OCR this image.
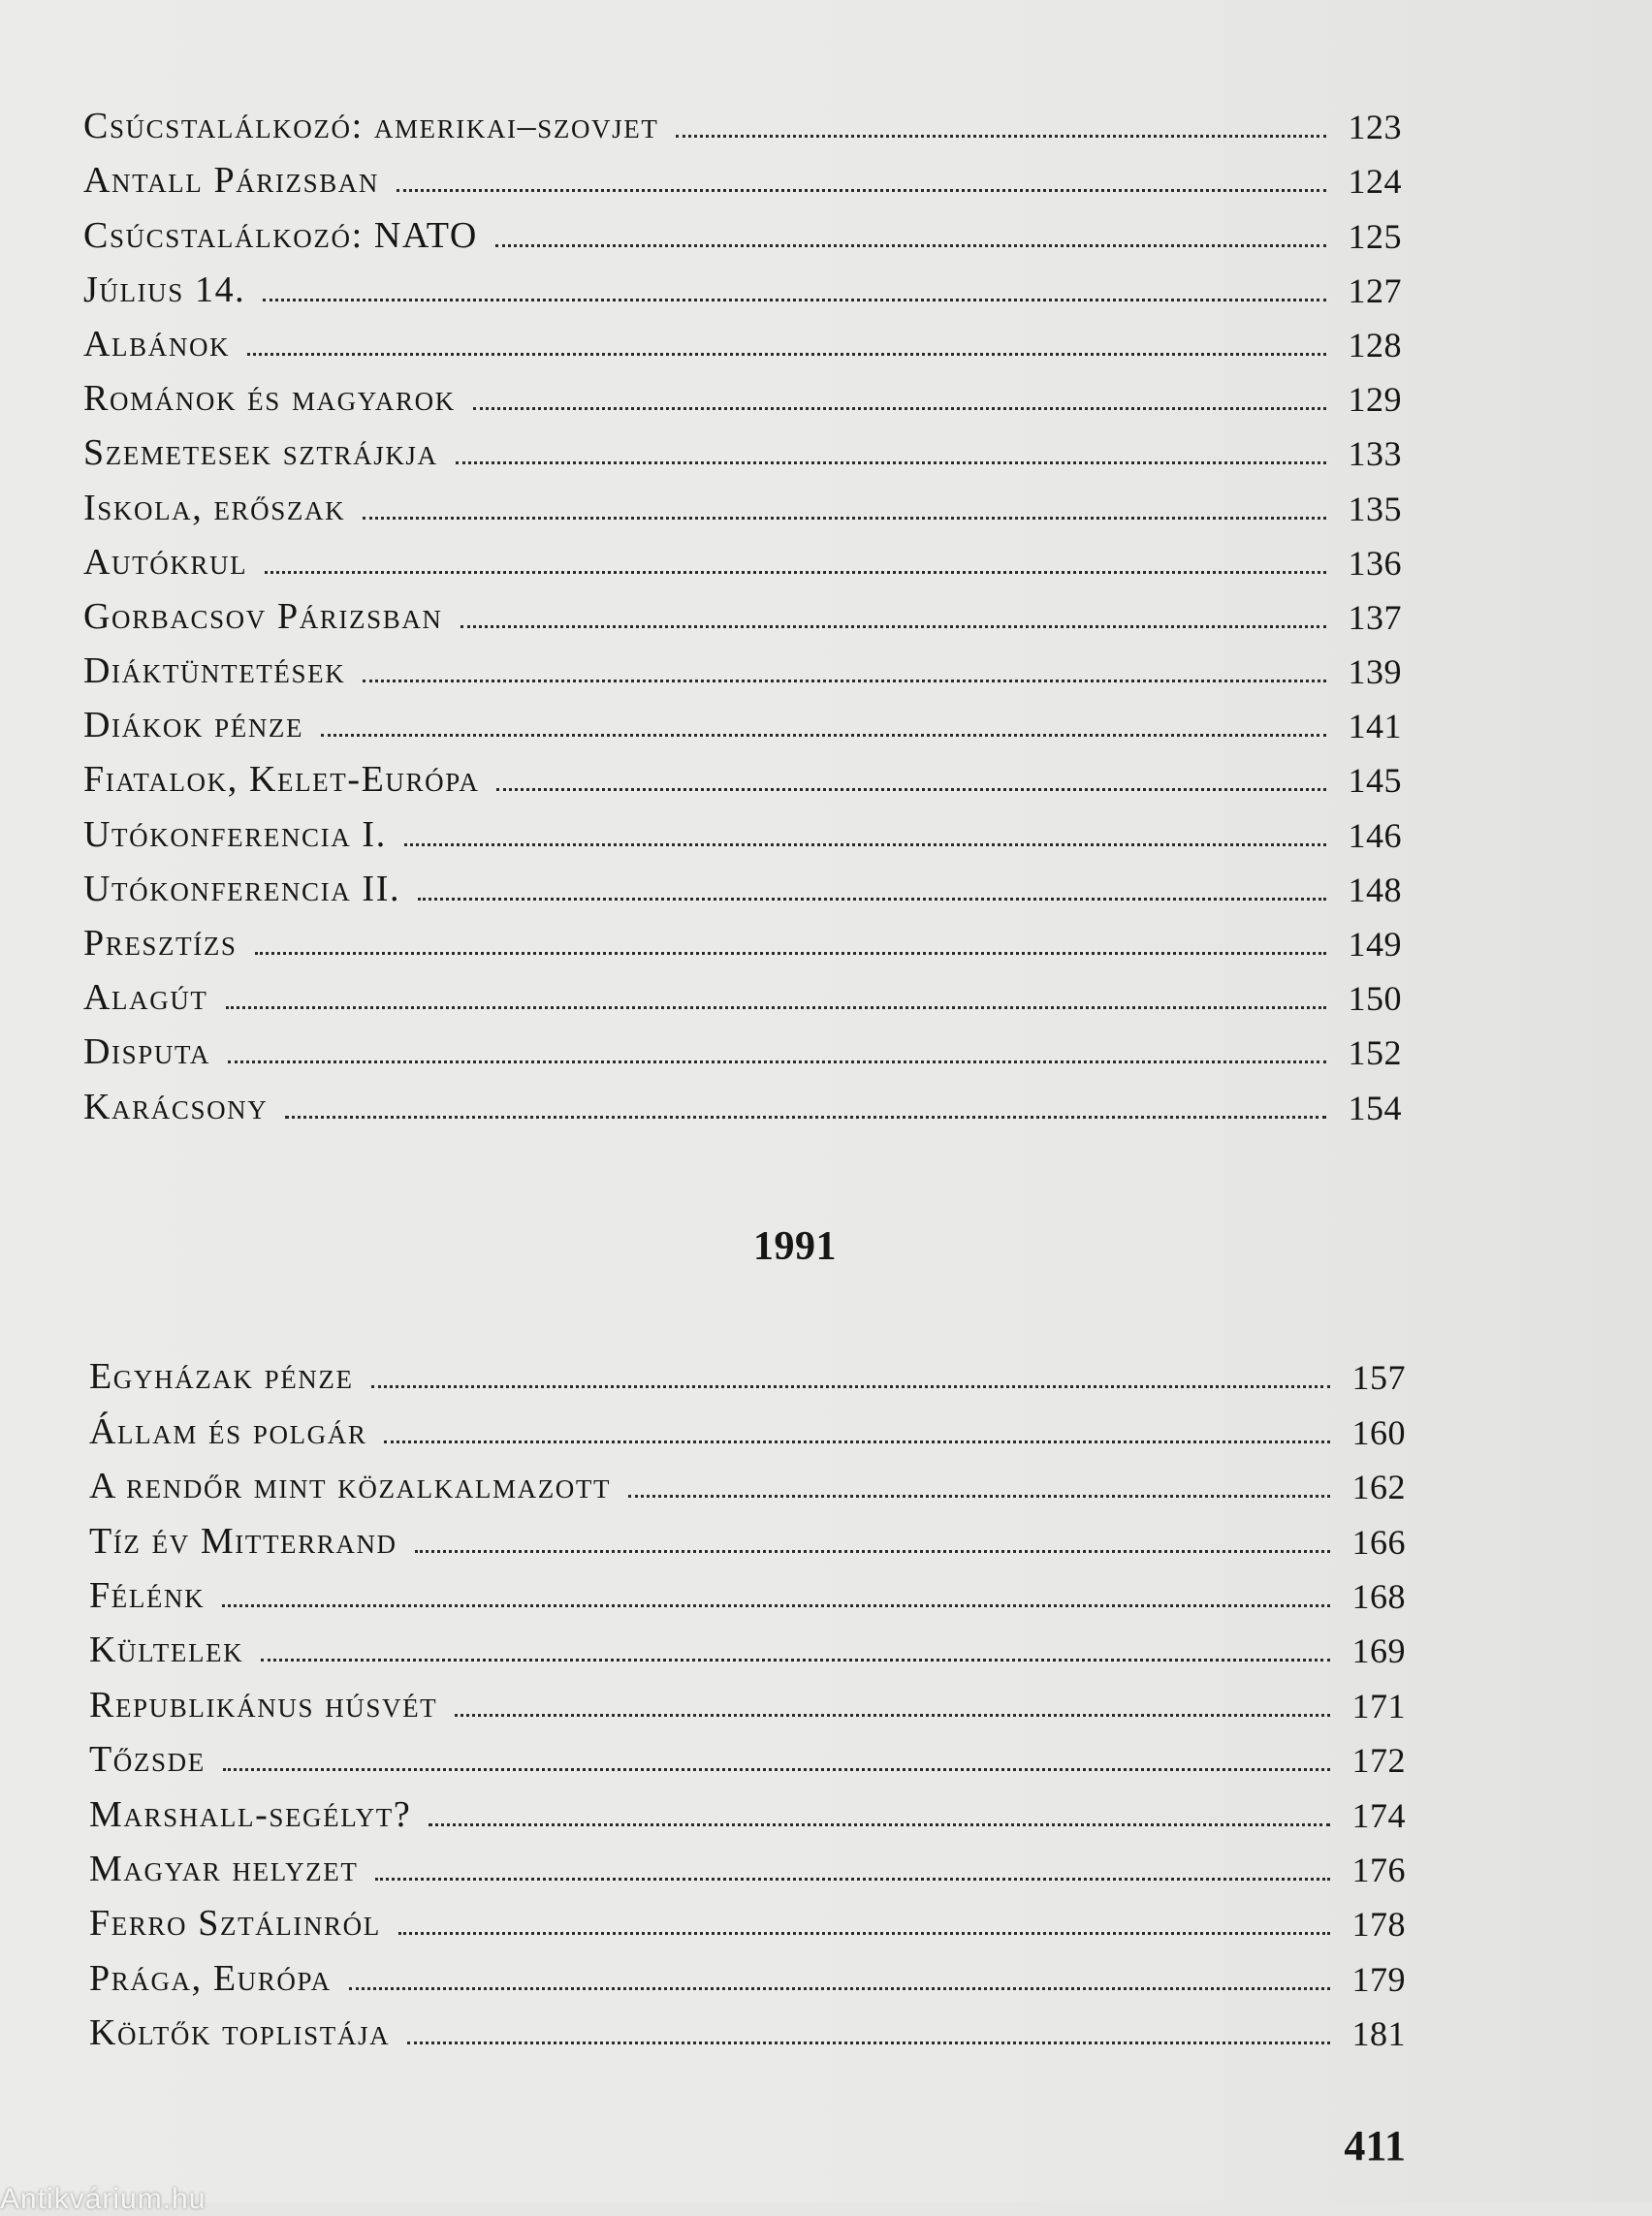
Csúcstalálkozó: amerikai–szovjet	123
Antall Párizsban	124
Csúcstalálkozó: NATO	125
Július 14.	127
Albánok	128
Románok és magyarok	129
Szemetesek sztrájkja	133
Iskola, erőszak	135
Autókrul	136
Gorbacsov Párizsban	137
Diáktüntetések	139
Diákok pénze	141
Fiatalok, Kelet-Európa	145
Utókonferencia I.	146
Utókonferencia II.	148
Presztízs	149
Alagút	150
Disputa	152
Karácsony	154
1991
Egyházak pénze	157
Állam és polgár	160
A rendőr mint közalkalmazott	162
Tíz év Mitterrand	166
Félénk	168
Kültelek	169
Republikánus húsvét	171
Tőzsde	172
Marshall-segélyt?	174
Magyar helyzet	176
Ferro Sztálinról	178
Prága, Európa	179
Költők toplistája	181
411
Antikvárium.hu
